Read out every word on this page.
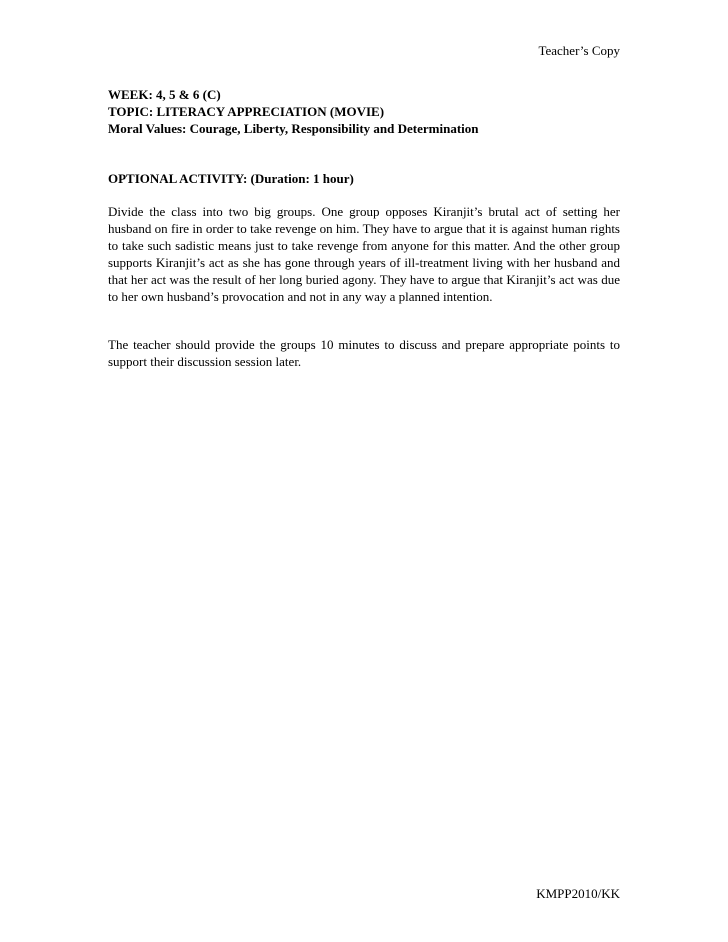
Teacher’s Copy
WEEK: 4, 5 & 6 (C)
TOPIC: LITERACY APPRECIATION (MOVIE)
Moral Values: Courage, Liberty, Responsibility and Determination
OPTIONAL ACTIVITY: (Duration: 1 hour)

Divide the class into two big groups. One group opposes Kiranjit’s brutal act of setting her husband on fire in order to take revenge on him. They have to argue that it is against human rights to take such sadistic means just to take revenge from anyone for this matter. And the other group supports Kiranjit’s act as she has gone through years of ill-treatment living with her husband and that her act was the result of her long buried agony. They have to argue that Kiranjit’s act was due to her own husband’s provocation and not in any way a planned intention.

The teacher should provide the groups 10 minutes to discuss and prepare appropriate points to support their discussion session later.

KMPP2010/KK
